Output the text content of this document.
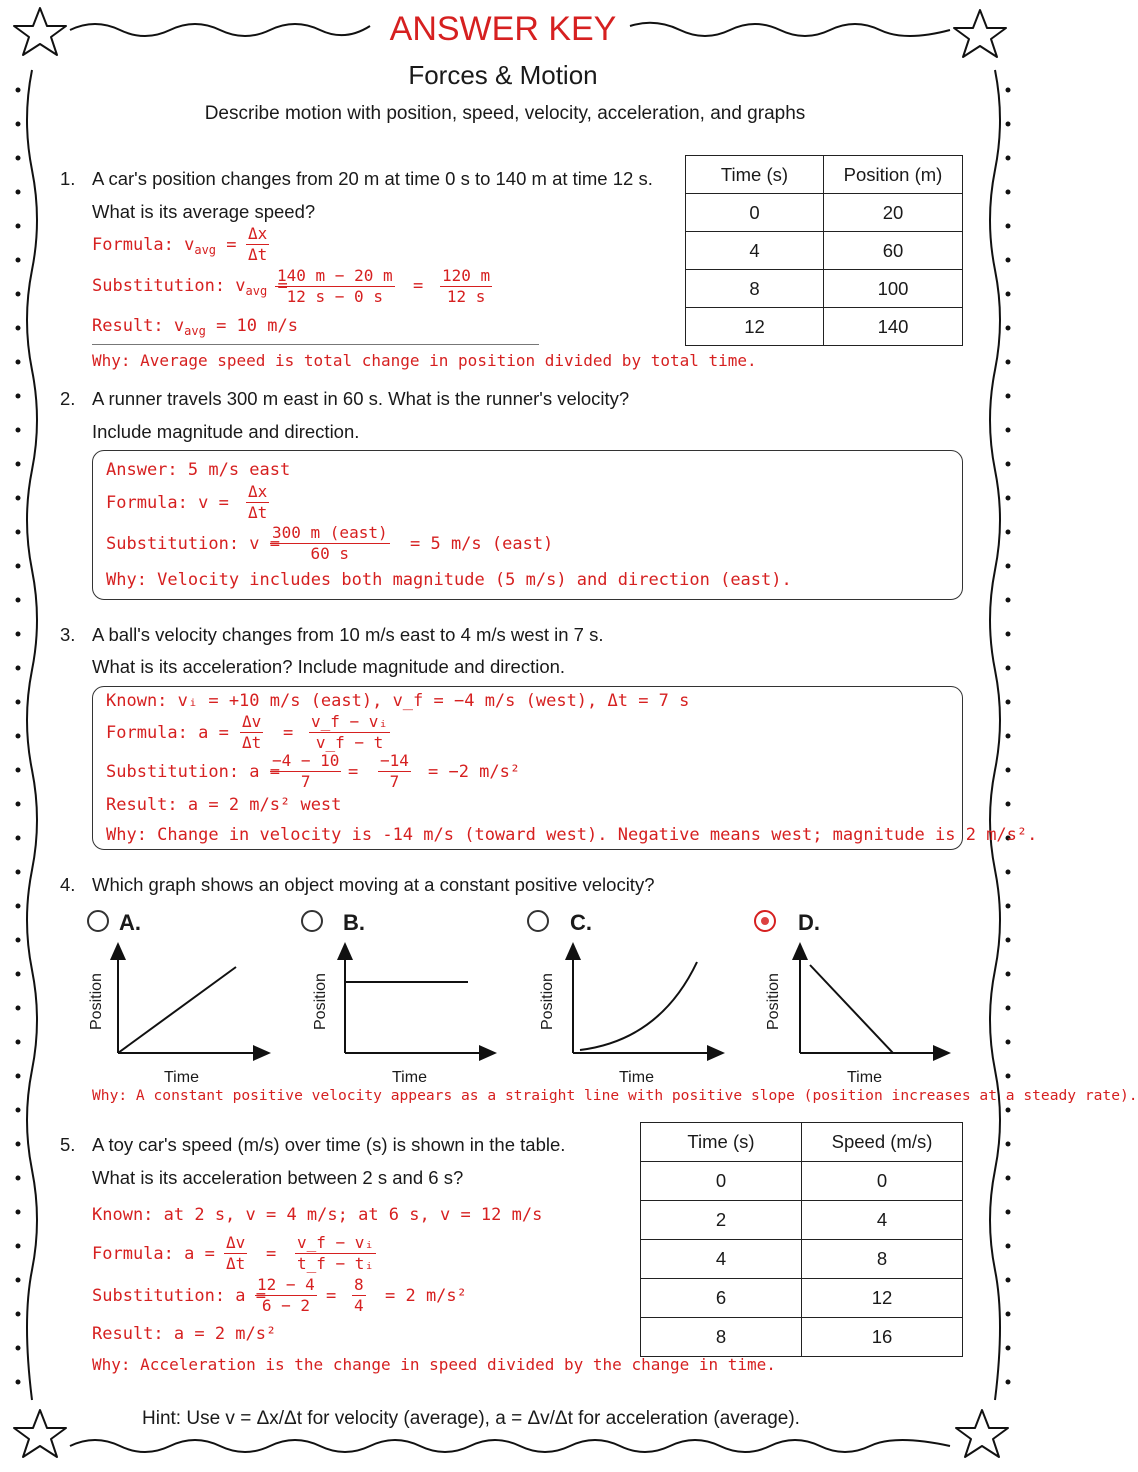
ANSWER KEY
Forces & Motion
Describe motion with position, speed, velocity, acceleration, and graphs
1. A car's position changes from 20 m at time 0 s to 140 m at time 12 s.
What is its average speed?
Formula: $v_{avg} = \frac{\Delta x}{\Delta t}$
Substitution: $v_{avg}$ =
$\frac{140 m - 20 m}{12 s - 0 s} = \frac{120 m}{12 s}$
Result: $v_{avg} = 10$ m/s
Why: Average speed is total change in position divided by total time.
Time (s)	Position (m)
0	20
4	60
8	100
12	140
2. A runner travels 300 m east in 60 s. What is the runner's velocity?
Include magnitude and direction.
Answer: 5 m/s east
Formula: $v = \frac{\Delta x}{\Delta t}$
Substitution: v =
300 m (east)
60 s	= 5 m/s (east)
Why: Velocity includes both magnitude (5 m/s) and direction (east).
3. A ball's velocity changes from 10 m/s east to 4 m/s west in 7 s.
What is its acceleration? Include magnitude and direction.
Known: vᵢ = +10 m/s (east), v_f = −4 m/s (west), Δt = 7 s
Formula: $a = \frac{\Delta v}{\Delta t} = \frac{\text{v\_f − vᵢ}}{v\_f - t}$
Substitution: a =
$\frac{-4 - 10}{7} = \frac{-14}{7} = -2$ m/s²
Result: a = 2 m/s² west
Why: Change in velocity is -14 m/s (toward west). Negative means west; magnitude is 2 m/s².
4. Which graph shows an object moving at a constant positive velocity?
A.	B.	C.	D.
Position	Position	Position	Position
Time	Time	Time	Time
Why: A constant positive velocity appears as a straight line with positive slope (position increases at a steady rate).
5. A toy car's speed (m/s) over time (s) is shown in the table.
What is its acceleration between 2 s and 6 s?
Known: at 2 s, v = 4 m/s; at 6 s, v = 12 m/s
Formula: $a = \frac{\Delta v}{\Delta t} = \frac{\text{v\_f − vᵢ}}{\text{t\_f − tᵢ}}$
Substitution: a =
$\frac{12 - 4}{6 - 2} = \frac{8}{4} = 2$ m/s²
Result: a = 2 m/s²
Why: Acceleration is the change in speed divided by the change in time.
Time (s)	Speed (m/s)
0	0
2	4
4	8
6	12
8	16
Hint: Use v = Δx/Δt for velocity (average), a = Δv/Δt for acceleration (average).
